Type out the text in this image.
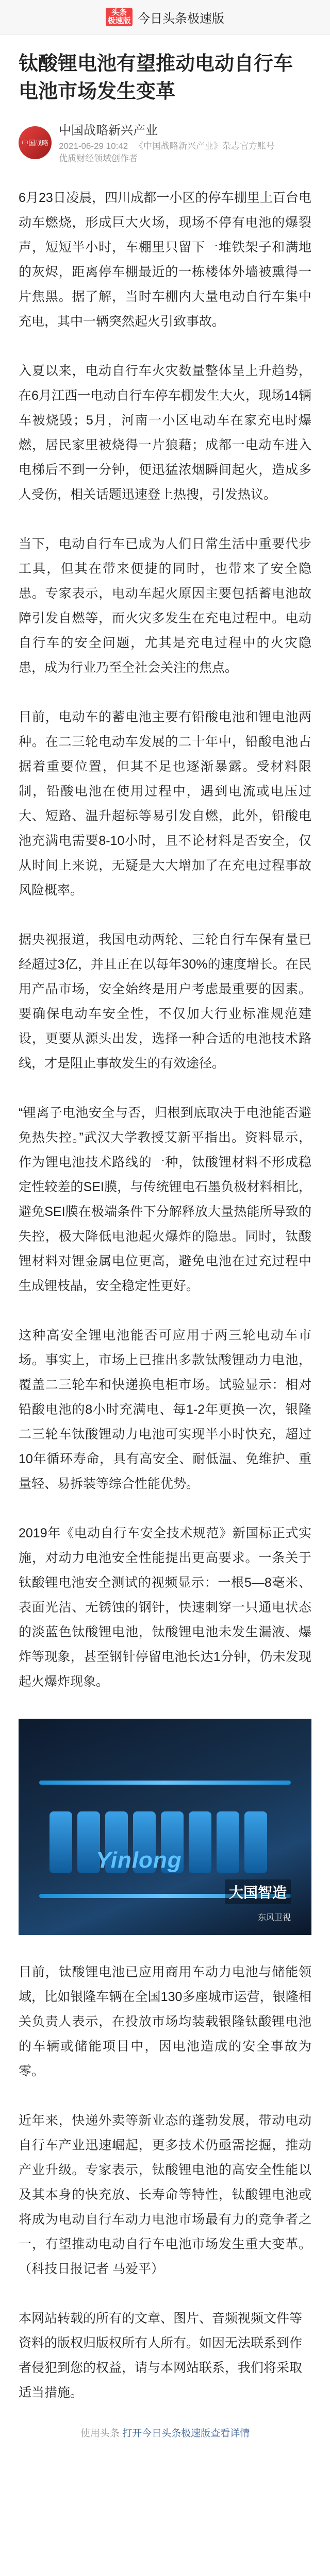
头条
极速版 今日头条极速版
钛酸锂电池有望推动电动自行车电池市场发生变革
中国战略
中国战略新兴产业
2021-06-29 10:42 《中国战略新兴产业》杂志官方账号
优质财经领域创作者

6月23日凌晨，四川成都一小区的停车棚里上百台电动车燃烧，形成巨大火场，现场不停有电池的爆裂声，短短半小时，车棚里只留下一堆铁架子和满地的灰烬，距离停车棚最近的一栋楼体外墙被熏得一片焦黑。据了解，当时车棚内大量电动自行车集中充电，其中一辆突然起火引致事故。

入夏以来，电动自行车火灾数量整体呈上升趋势，在6月江西一电动自行车停车棚发生大火，现场14辆车被烧毁；5月，河南一小区电动车在家充电时爆燃，居民家里被烧得一片狼藉；成都一电动车进入电梯后不到一分钟，便迅猛浓烟瞬间起火，造成多人受伤，相关话题迅速登上热搜，引发热议。

当下，电动自行车已成为人们日常生活中重要代步工具，但其在带来便捷的同时，也带来了安全隐患。专家表示，电动车起火原因主要包括蓄电池故障引发自燃等，而火灾多发生在充电过程中。电动自行车的安全问题，尤其是充电过程中的火灾隐患，成为行业乃至全社会关注的焦点。

目前，电动车的蓄电池主要有铅酸电池和锂电池两种。在二三轮电动车发展的二十年中，铅酸电池占据着重要位置，但其不足也逐渐暴露。受材料限制，铅酸电池在使用过程中，遇到电流或电压过大、短路、温升超标等易引发自燃，此外，铅酸电池充满电需要8-10小时，且不论材料是否安全，仅从时间上来说，无疑是大大增加了在充电过程事故风险概率。

据央视报道，我国电动两轮、三轮自行车保有量已经超过3亿，并且正在以每年30%的速度增长。在民用产品市场，安全始终是用户考虑最重要的因素。要确保电动车安全性，不仅加大行业标准规范建设，更要从源头出发，选择一种合适的电池技术路线，才是阻止事故发生的有效途径。

“锂离子电池安全与否，归根到底取决于电池能否避免热失控。”武汉大学教授艾新平指出。资料显示，作为锂电池技术路线的一种，钛酸锂材料不形成稳定性较差的SEI膜，与传统锂电石墨负极材料相比，避免SEI膜在极端条件下分解释放大量热能所导致的失控，极大降低电池起火爆炸的隐患。同时，钛酸锂材料对锂金属电位更高，避免电池在过充过程中生成锂枝晶，安全稳定性更好。

这种高安全锂电池能否可应用于两三轮电动车市场。事实上，市场上已推出多款钛酸锂动力电池，覆盖二三轮车和快递换电柜市场。试验显示：相对铅酸电池的8小时充满电、每1-2年更换一次，银隆二三轮车钛酸锂动力电池可实现半小时快充，超过10年循环寿命，具有高安全、耐低温、免维护、重量轻、易拆装等综合性能优势。

2019年《电动自行车安全技术规范》新国标正式实施，对动力电池安全性能提出更高要求。一条关于钛酸锂电池安全测试的视频显示：一根5—8毫米、表面光洁、无锈蚀的钢针，快速刺穿一只通电状态的淡蓝色钛酸锂电池，钛酸锂电池未发生漏液、爆炸等现象，甚至钢针停留电池长达1分钟，仍未发现起火爆炸现象。

Yinlong
大国智造
东风卫视

目前，钛酸锂电池已应用商用车动力电池与储能领域，比如银隆车辆在全国130多座城市运营，银隆相关负责人表示，在投放市场均装载银隆钛酸锂电池的车辆或储能项目中，因电池造成的安全事故为零。

近年来，快递外卖等新业态的蓬勃发展，带动电动自行车产业迅速崛起，更多技术仍亟需挖掘，推动产业升级。专家表示，钛酸锂电池的高安全性能以及其本身的快充放、长寿命等特性，钛酸锂电池或将成为电动自行车动力电池市场最有力的竞争者之一，有望推动电动自行车电池市场发生重大变革。（科技日报记者 马爱平）

本网站转载的所有的文章、图片、音频视频文件等资料的版权归版权所有人所有。如因无法联系到作者侵犯到您的权益，请与本网站联系，我们将采取适当措施。

使用头条 打开今日头条极速版查看详情
